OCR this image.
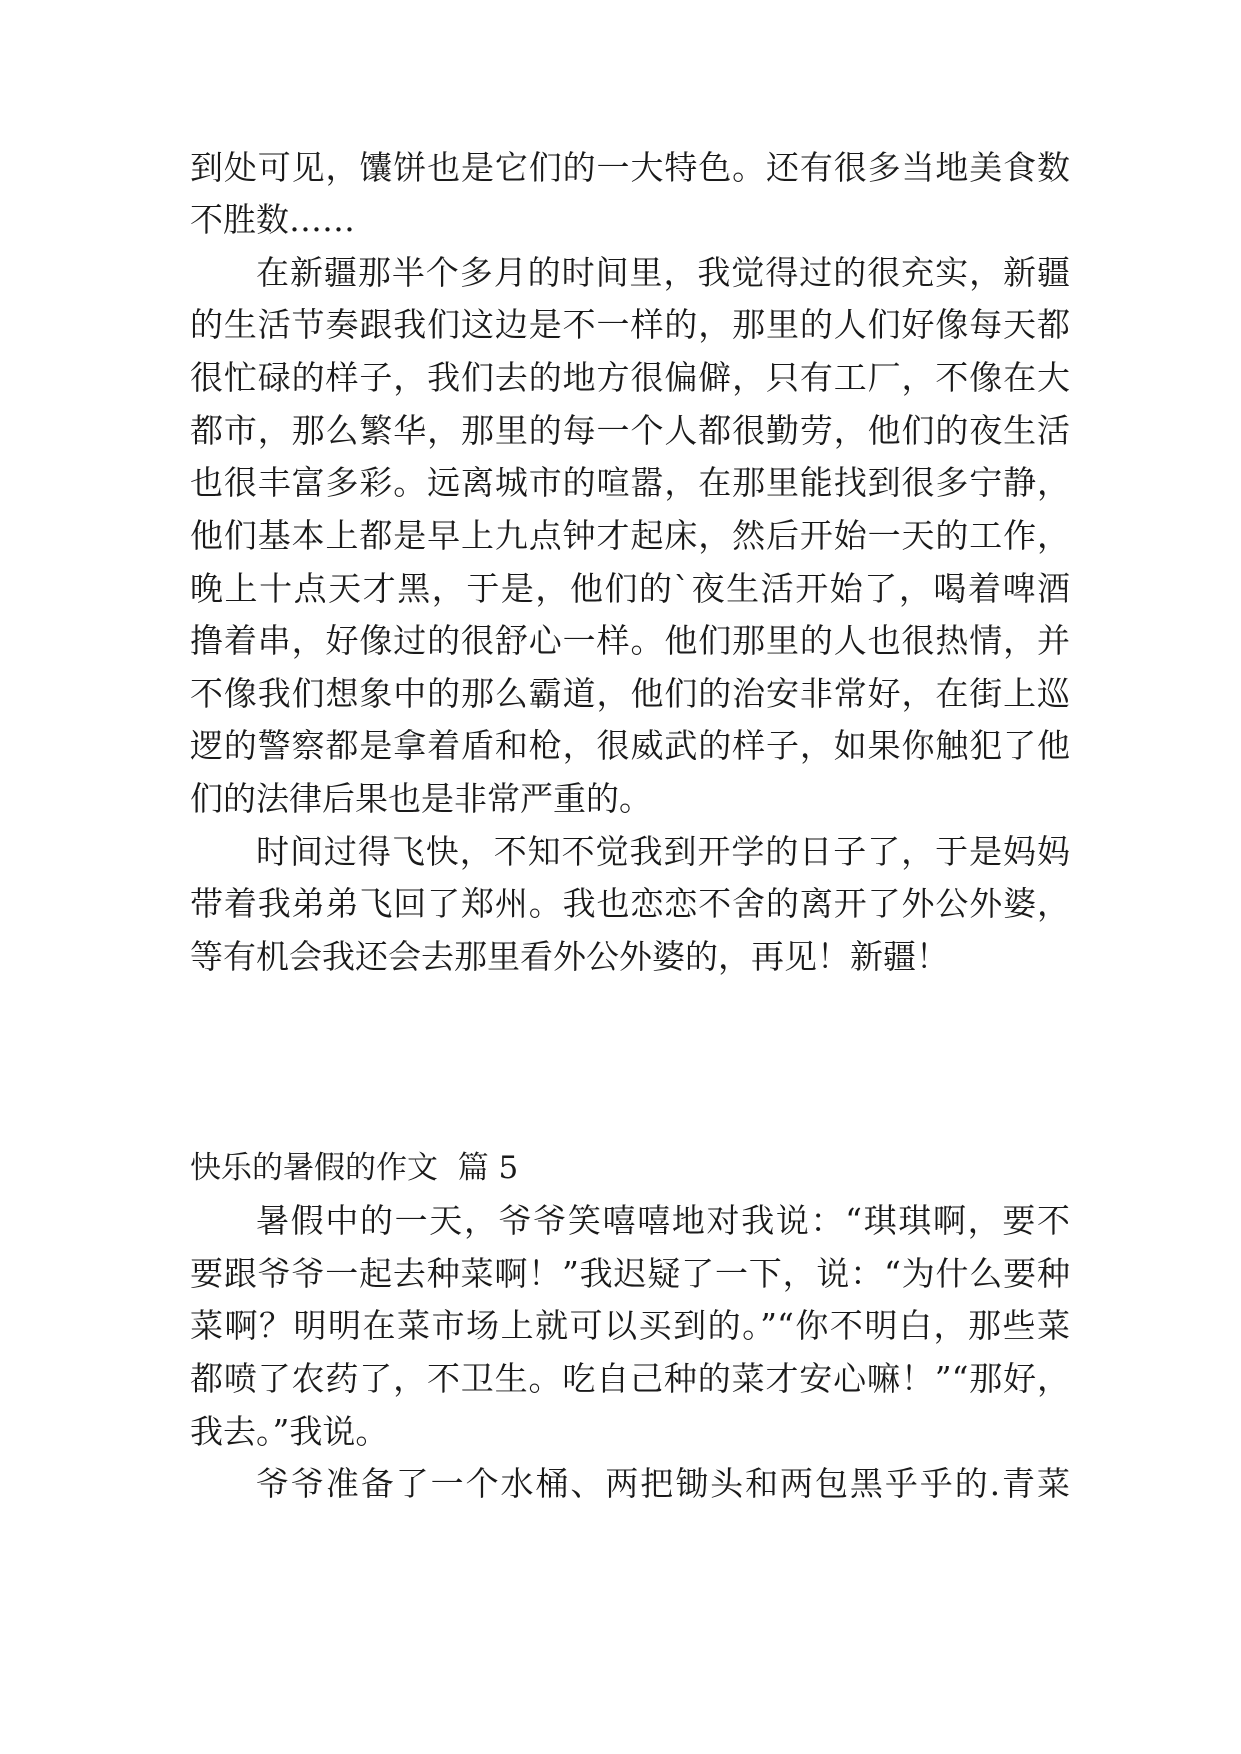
到处可见，馕饼也是它们的一大特色。还有很多当地美食数
不胜数……
在新疆那半个多月的时间里，我觉得过的很充实，新疆
的生活节奏跟我们这边是不一样的，那里的人们好像每天都
很忙碌的样子，我们去的地方很偏僻，只有工厂，不像在大
都市，那么繁华，那里的每一个人都很勤劳，他们的夜生活
也很丰富多彩。远离城市的喧嚣，在那里能找到很多宁静，
他们基本上都是早上九点钟才起床，然后开始一天的工作，
晚上十点天才黑，于是，他们的`夜生活开始了，喝着啤酒
撸着串，好像过的很舒心一样。他们那里的人也很热情，并
不像我们想象中的那么霸道，他们的治安非常好，在街上巡
逻的警察都是拿着盾和枪，很威武的样子，如果你触犯了他
们的法律后果也是非常严重的。
时间过得飞快，不知不觉我到开学的日子了，于是妈妈
带着我弟弟飞回了郑州。我也恋恋不舍的离开了外公外婆，
等有机会我还会去那里看外公外婆的，再见！新疆！
快乐的暑假的作文  篇 5
暑假中的一天，爷爷笑嘻嘻地对我说：“琪琪啊，要不
要跟爷爷一起去种菜啊！”我迟疑了一下，说：“为什么要种
菜啊？明明在菜市场上就可以买到的。”“你不明白，那些菜
都喷了农药了，不卫生。吃自己种的菜才安心嘛！”“那好，
我去。”我说。
爷爷准备了一个水桶、两把锄头和两包黑乎乎的.青菜
